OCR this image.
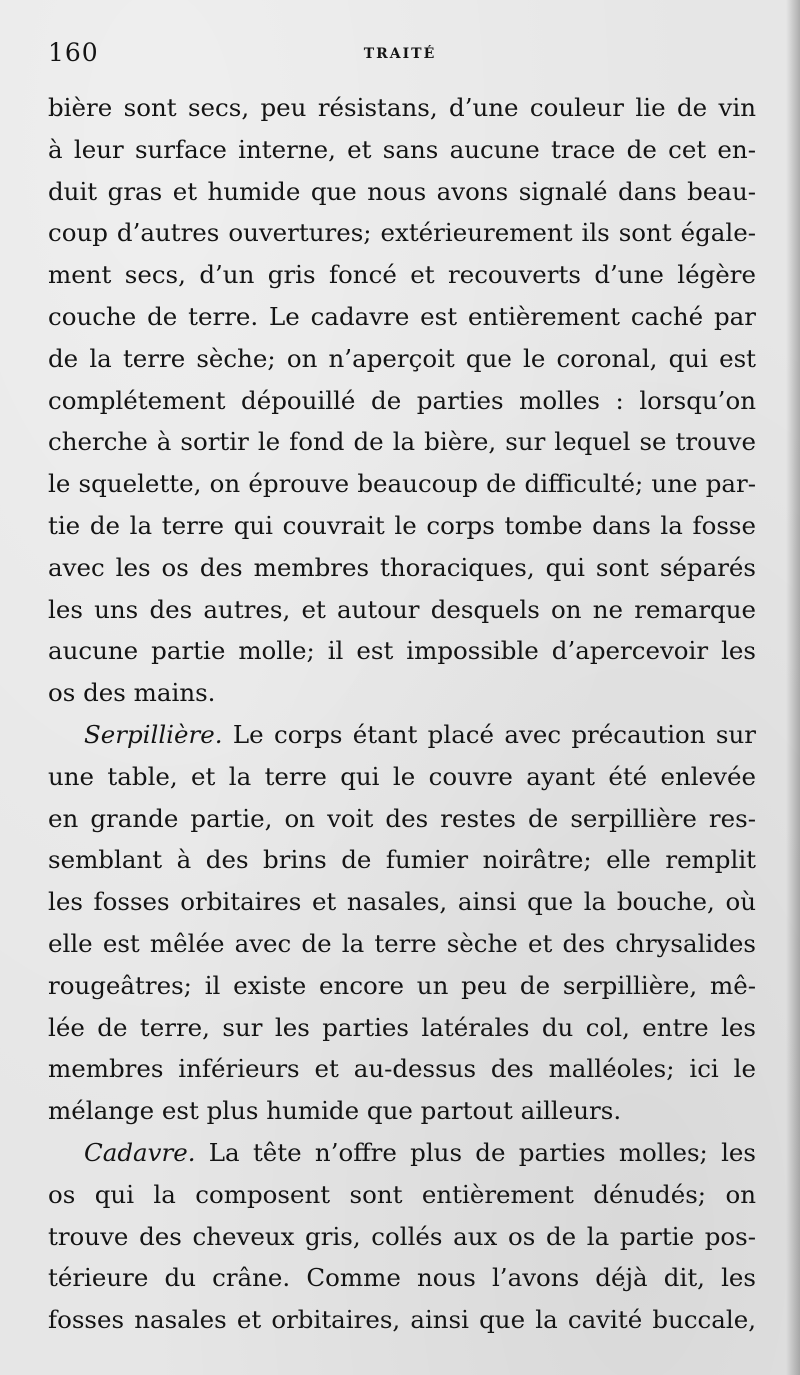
160	TRAITÉ
bière sont secs, peu résistans, d’une couleur lie de vin
à leur surface interne, et sans aucune trace de cet en-
duit gras et humide que nous avons signalé dans beau-
coup d’autres ouvertures; extérieurement ils sont égale-
ment secs, d’un gris foncé et recouverts d’une légère
couche de terre. Le cadavre est entièrement caché par
de la terre sèche; on n’aperçoit que le coronal, qui est
complétement dépouillé de parties molles : lorsqu’on
cherche à sortir le fond de la bière, sur lequel se trouve
le squelette, on éprouve beaucoup de difficulté; une par-
tie de la terre qui couvrait le corps tombe dans la fosse
avec les os des membres thoraciques, qui sont séparés
les uns des autres, et autour desquels on ne remarque
aucune partie molle; il est impossible d’apercevoir les
os des mains.
Serpillière. Le corps étant placé avec précaution sur
une table, et la terre qui le couvre ayant été enlevée
en grande partie, on voit des restes de serpillière res-
semblant à des brins de fumier noirâtre; elle remplit
les fosses orbitaires et nasales, ainsi que la bouche, où
elle est mêlée avec de la terre sèche et des chrysalides
rougeâtres; il existe encore un peu de serpillière, mê-
lée de terre, sur les parties latérales du col, entre les
membres inférieurs et au-dessus des malléoles; ici le
mélange est plus humide que partout ailleurs.
Cadavre. La tête n’offre plus de parties molles; les
os qui la composent sont entièrement dénudés; on
trouve des cheveux gris, collés aux os de la partie pos-
térieure du crâne. Comme nous l’avons déjà dit, les
fosses nasales et orbitaires, ainsi que la cavité buccale,
